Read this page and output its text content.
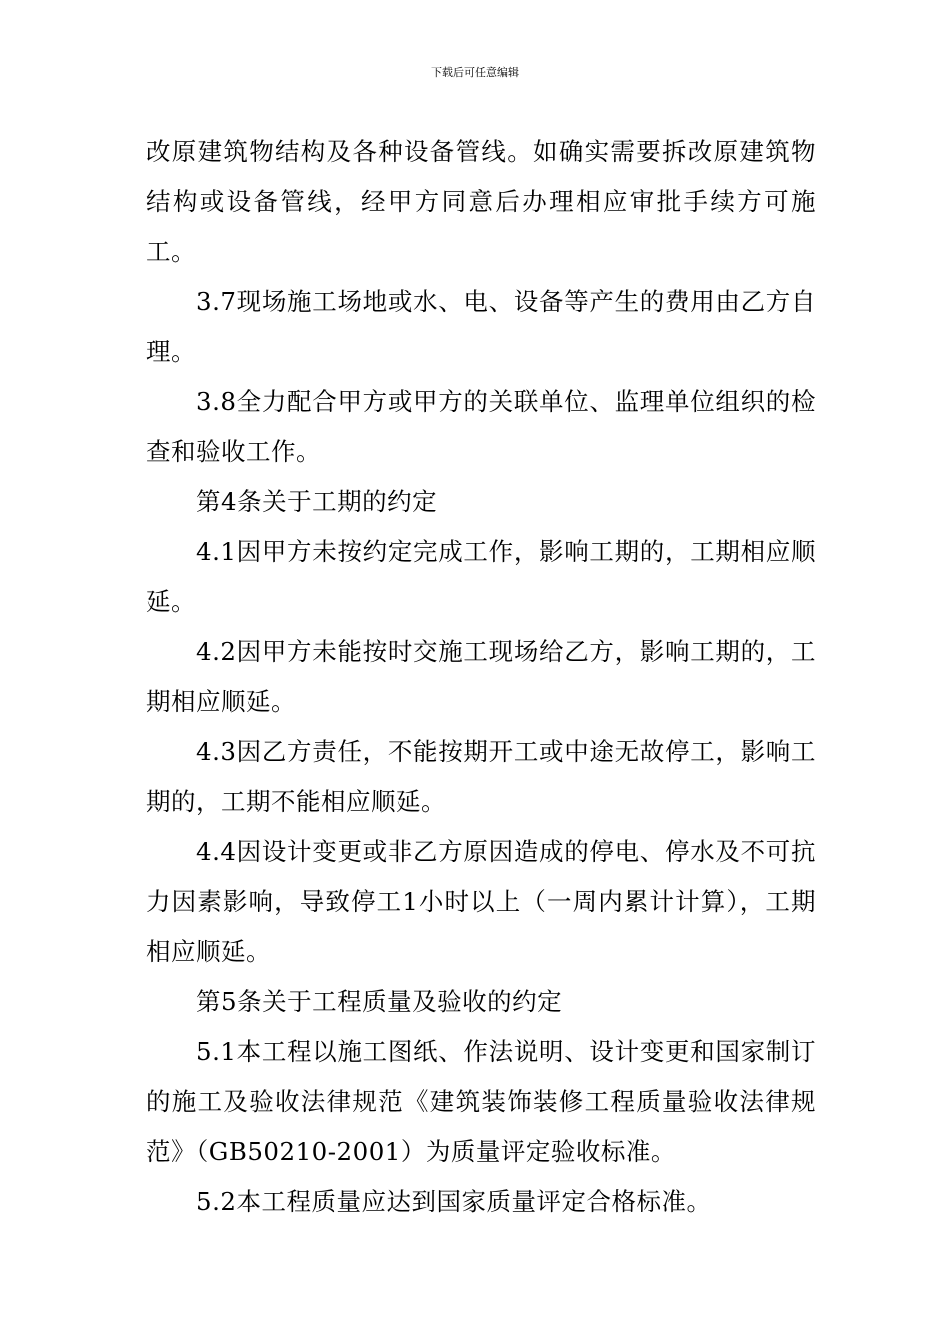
下载后可任意编辑

改原建筑物结构及各种设备管线。如确实需要拆改原建筑物结构或设备管线，经甲方同意后办理相应审批手续方可施工。

3.7现场施工场地或水、电、设备等产生的费用由乙方自理。

3.8全力配合甲方或甲方的关联单位、监理单位组织的检查和验收工作。

第4条关于工期的约定

4.1因甲方未按约定完成工作，影响工期的，工期相应顺延。

4.2因甲方未能按时交施工现场给乙方，影响工期的，工期相应顺延。

4.3因乙方责任，不能按期开工或中途无故停工，影响工期的，工期不能相应顺延。

4.4因设计变更或非乙方原因造成的停电、停水及不可抗力因素影响，导致停工1小时以上（一周内累计计算），工期相应顺延。

第5条关于工程质量及验收的约定

5.1本工程以施工图纸、作法说明、设计变更和国家制订的施工及验收法律规范《建筑装饰装修工程质量验收法律规范》（GB50210-2001）为质量评定验收标准。

5.2本工程质量应达到国家质量评定合格标准。
